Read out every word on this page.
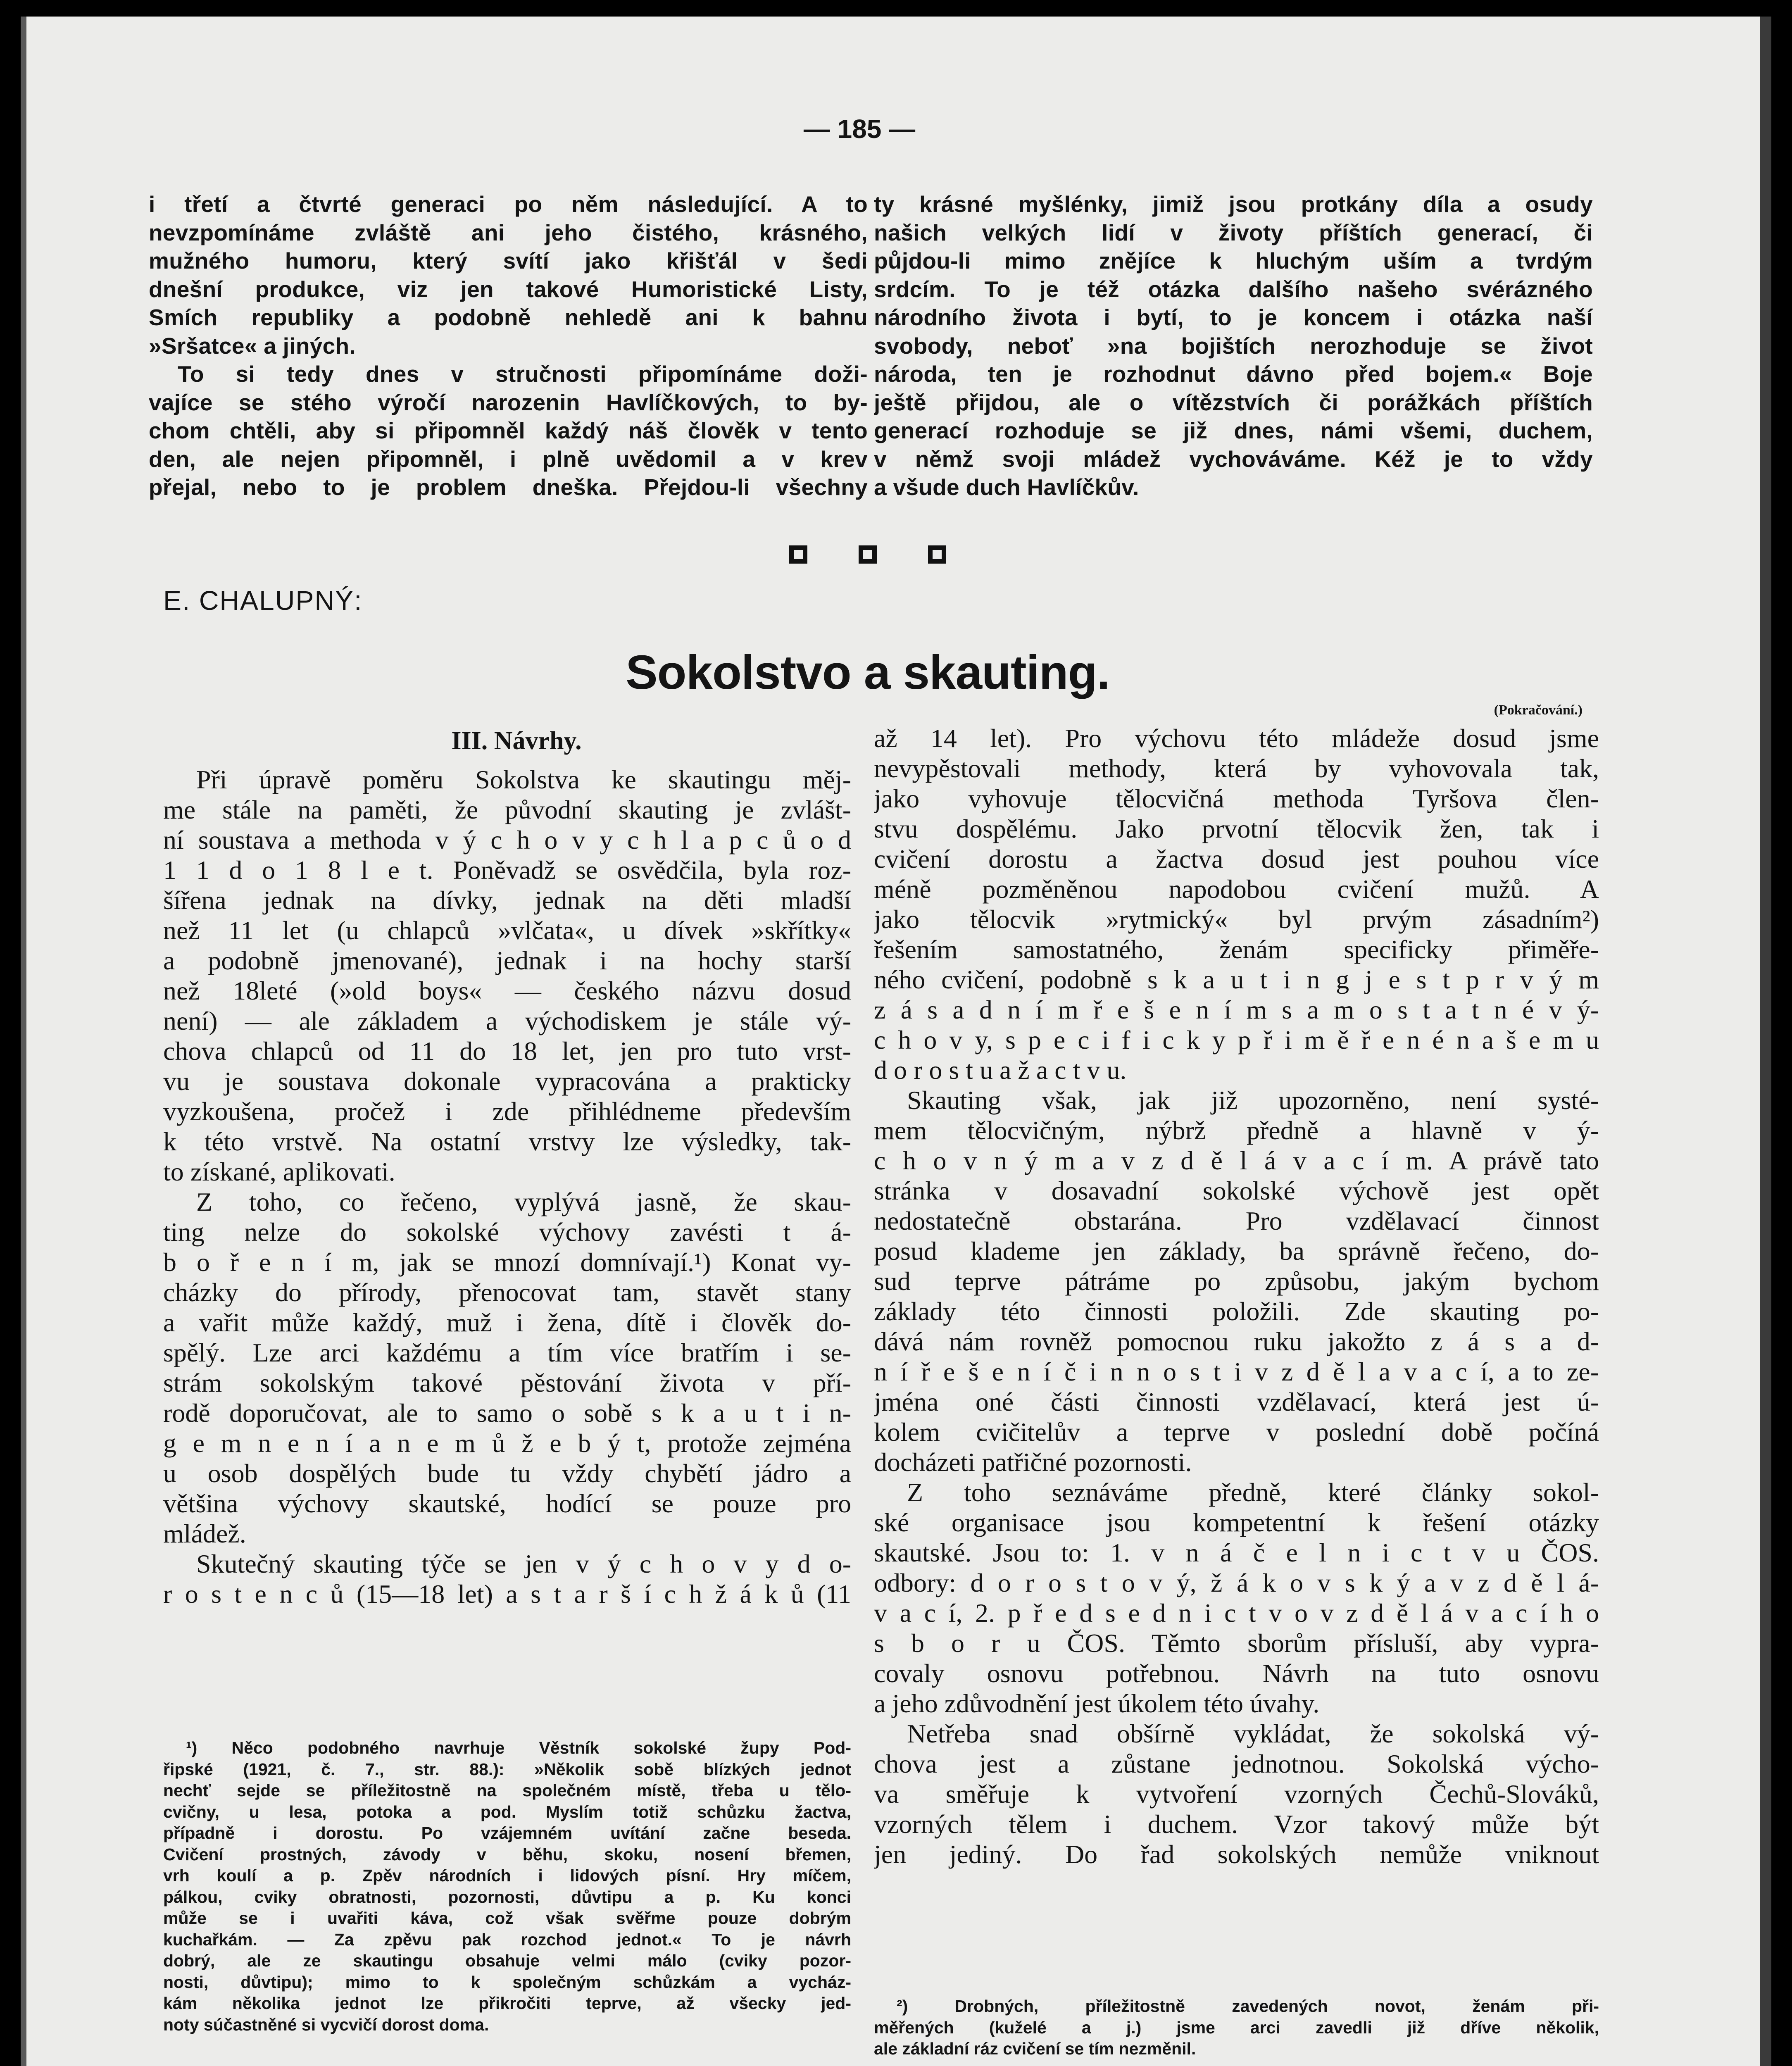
— 185 —
i třetí a čtvrté generaci po něm následující. A to
nevzpomínáme zvláště ani jeho čistého, krásného,
mužného humoru, který svítí jako křišťál v šedi
dnešní produkce, viz jen takové Humoristické Listy,
Smích republiky a podobně nehledě ani k bahnu
»Sršatce« a jiných.
To si tedy dnes v stručnosti připomínáme doži-
vajíce se stého výročí narozenin Havlíčkových, to by-
chom chtěli, aby si připomněl každý náš člověk v tento
den, ale nejen připomněl, i plně uvědomil a v krev
přejal, nebo to je problem dneška. Přejdou-li všechny
ty krásné myšlénky, jimiž jsou protkány díla a osudy
našich velkých lidí v životy příštích generací, či
půjdou-li mimo znějíce k hluchým uším a tvrdým
srdcím. To je též otázka dalšího našeho svérázného
národního života i bytí, to je koncem i otázka naší
svobody, neboť »na bojištích nerozhoduje se život
národa, ten je rozhodnut dávno před bojem.« Boje
ještě přijdou, ale o vítězstvích či porážkách příštích
generací rozhoduje se již dnes, námi všemi, duchem,
v němž svoji mládež vychováváme. Kéž je to vždy
a všude duch Havlíčkův.
E. CHALUPNÝ:
Sokolstvo a skauting.
(Pokračování.)
III. Návrhy.
Při úpravě poměru Sokolstva ke skautingu měj-
me stále na paměti, že původní skauting je zvlášt-
ní soustava a methoda v ý c h o v y c h l a p c ů o d
1 1 d o 1 8 l e t. Poněvadž se osvědčila, byla roz-
šířena jednak na dívky, jednak na děti mladší
než 11 let (u chlapců »vlčata«, u dívek »skřítky«
a podobně jmenované), jednak i na hochy starší
než 18leté (»old boys« — českého názvu dosud
není) — ale základem a východiskem je stále vý-
chova chlapců od 11 do 18 let, jen pro tuto vrst-
vu je soustava dokonale vypracována a prakticky
vyzkoušena, pročež i zde přihlédneme především
k této vrstvě. Na ostatní vrstvy lze výsledky, tak-
to získané, aplikovati.
Z toho, co řečeno, vyplývá jasně, že skau-
ting nelze do sokolské výchovy zavésti t á-
b o ř e n í m, jak se mnozí domnívají.¹) Konat vy-
cházky do přírody, přenocovat tam, stavět stany
a vařit může každý, muž i žena, dítě i člověk do-
spělý. Lze arci každému a tím více bratřím i se-
strám sokolským takové pěstování života v pří-
rodě doporučovat, ale to samo o sobě s k a u t i n-
g e m n e n í a n e m ů ž e b ý t, protože zejména
u osob dospělých bude tu vždy chybětí jádro a
většina výchovy skautské, hodící se pouze pro
mládež.
Skutečný skauting týče se jen v ý c h o v y d o-
r o s t e n c ů (15—18 let) a s t a r š í c h ž á k ů (11
až 14 let). Pro výchovu této mládeže dosud jsme
nevypěstovali methody, která by vyhovovala tak,
jako vyhovuje tělocvičná methoda Tyršova člen-
stvu dospělému. Jako prvotní tělocvik žen, tak i
cvičení dorostu a žactva dosud jest pouhou více
méně pozměněnou napodobou cvičení mužů. A
jako tělocvik »rytmický« byl prvým zásadním²)
řešením samostatného, ženám specificky přiměře-
ného cvičení, podobně s k a u t i n g j e s t p r v ý m
z á s a d n í m ř e š e n í m s a m o s t a t n é v ý-
c h o v y, s p e c i f i c k y p ř i m ě ř e n é n a š e m u
d o r o s t u a ž a c t v u.
Skauting však, jak již upozorněno, není systé-
mem tělocvičným, nýbrž předně a hlavně v ý-
c h o v n ý m a v z d ě l á v a c í m. A právě tato
stránka v dosavadní sokolské výchově jest opět
nedostatečně obstarána. Pro vzdělavací činnost
posud klademe jen základy, ba správně řečeno, do-
sud teprve pátráme po způsobu, jakým bychom
základy této činnosti položili. Zde skauting po-
dává nám rovněž pomocnou ruku jakožto z á s a d-
n í ř e š e n í č i n n o s t i v z d ě l a v a c í, a to ze-
jména oné části činnosti vzdělavací, která jest ú-
kolem cvičitelův a teprve v poslední době počíná
docházeti patřičné pozornosti.
Z toho seznáváme předně, které články sokol-
ské organisace jsou kompetentní k řešení otázky
skautské. Jsou to: 1. v n á č e l n i c t v u ČOS.
odbory: d o r o s t o v ý, ž á k o v s k ý a v z d ě l á-
v a c í, 2. p ř e d s e d n i c t v o v z d ě l á v a c í h o
s b o r u ČOS. Těmto sborům přísluší, aby vypra-
covaly osnovu potřebnou. Návrh na tuto osnovu
a jeho zdůvodnění jest úkolem této úvahy.
Netřeba snad obšírně vykládat, že sokolská vý-
chova jest a zůstane jednotnou. Sokolská výcho-
va směřuje k vytvoření vzorných Čechů-Slováků,
vzorných tělem i duchem. Vzor takový může být
jen jediný. Do řad sokolských nemůže vniknout
¹) Něco podobného navrhuje Věstník sokolské župy Pod-
řipské (1921, č. 7., str. 88.): »Několik sobě blízkých jednot
nechť sejde se příležitostně na společném místě, třeba u tělo-
cvičny, u lesa, potoka a pod. Myslím totiž schůzku žactva,
případně i dorostu. Po vzájemném uvítání začne beseda.
Cvičení prostných, závody v běhu, skoku, nosení břemen,
vrh koulí a p. Zpěv národních i lidových písní. Hry míčem,
pálkou, cviky obratnosti, pozornosti, důvtipu a p. Ku konci
může se i uvařiti káva, což však svěřme pouze dobrým
kuchařkám. — Za zpěvu pak rozchod jednot.« To je návrh
dobrý, ale ze skautingu obsahuje velmi málo (cviky pozor-
nosti, důvtipu); mimo to k společným schůzkám a vycház-
kám několika jednot lze přikročiti teprve, až všecky jed-
noty súčastněné si vycvičí dorost doma.
²) Drobných, příležitostně zavedených novot, ženám při-
měřených (kuželé a j.) jsme arci zavedli již dříve několik,
ale základní ráz cvičení se tím nezměnil.
